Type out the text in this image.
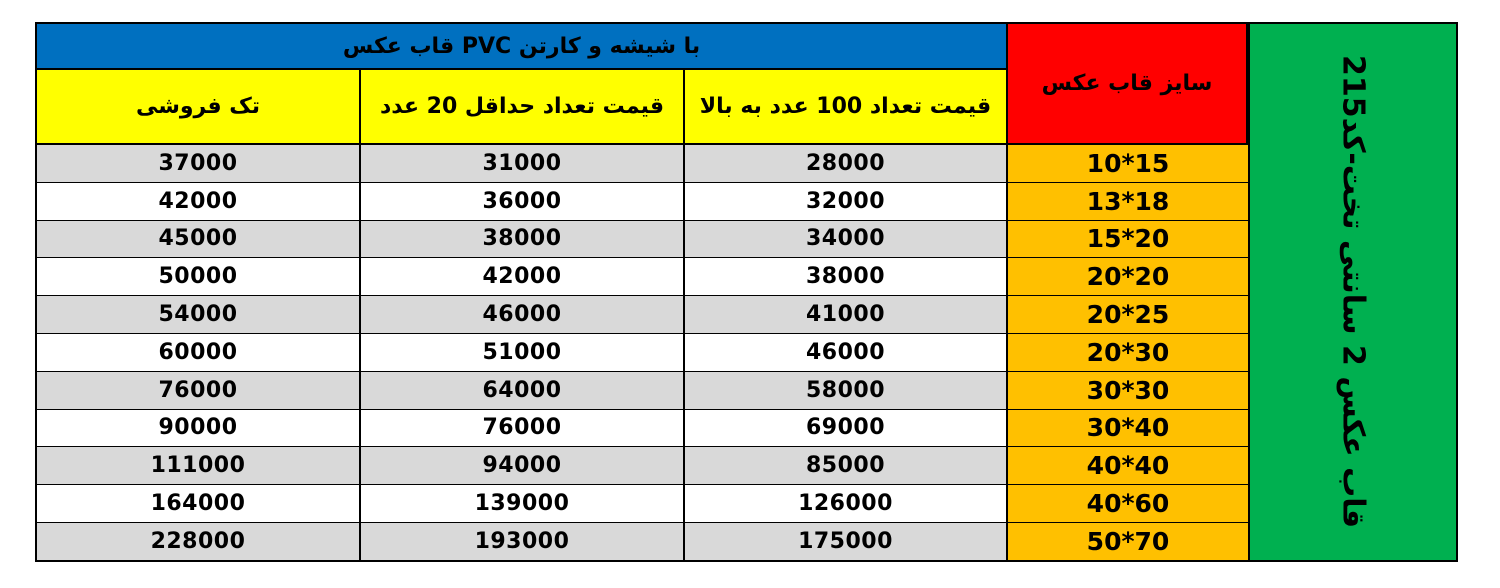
قاب عکس PVC با شیشه و کارتن
تک فروشی	قیمت تعداد حداقل 20 عدد	قیمت تعداد 100 عدد به بالا
سایز قاب عکس	قاب عکس 2 سانتی تخت-کد215
37000	31000	28000	10*15
42000	36000	32000	13*18
45000	38000	34000	15*20
50000	42000	38000	20*20
54000	46000	41000	20*25
60000	51000	46000	20*30
76000	64000	58000	30*30
90000	76000	69000	30*40
111000	94000	85000	40*40
164000	139000	126000	40*60
228000	193000	175000	50*70
